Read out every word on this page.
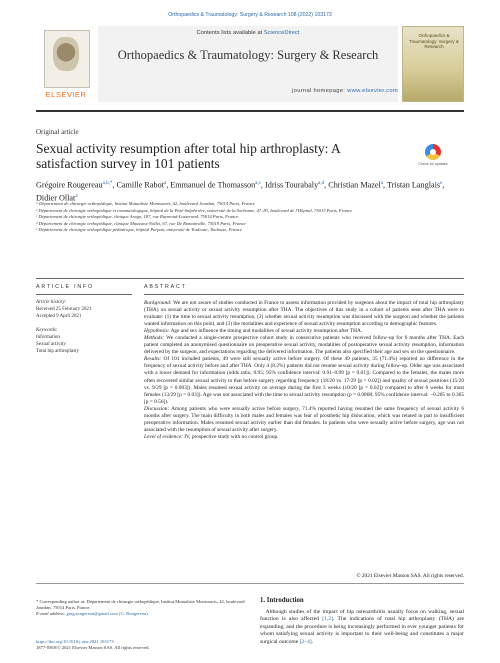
Orthopaedics & Traumatology: Surgery & Research 108 (2022) 103173
ELSEVIER
Contents lists available at ScienceDirect
Orthopaedics & Traumatology: Surgery & Research
journal homepage: www.elsevier.com
Orthopaedics & Traumatology: Surgery & Research
Original article
Sexual activity resumption after total hip arthroplasty: A satisfaction survey in 101 patients	Check for updates
Grégoire Rougereau$^{a,b,*}$, Camille Rabot$^a$, Emmanuel de Thomasson$^{a,c}$, Idriss Tourabaly$^{a,d}$, Christian Mazel$^a$, Tristan Langlais$^e$, Didier Ollat$^a$
ᵃ Département de chirurgie orthopédique, Institut Mutualiste Montsouris, 42, boulevard Jourdan, 75014 Paris, France
ᵇ Département de chirurgie orthopédique et traumatologique, hôpital de la Pitié-Salpêtrière, université de la Sorbonne, 47–83, boulevard de l'Hôpital, 75013 Paris, France
ᶜ Département de chirurgie orthopédique, clinique Arago, 187, rue Raymond-Losserand, 75014 Paris, France
ᵈ Département de chirurgie orthopédique, clinique Maussins-Nollet, 67, rue De Romainville, 75019 Paris, France
ᵉ Département de chirurgie orthopédique pédiatrique, hôpital Purpan, université de Toulouse, Toulouse, France
ARTICLE INFO	ABSTRACT
Article history:
Received 25 February 2021
Accepted 9 April 2021
Keywords:
Information
Sexual activity
Total hip arthroplasty
Background: We are not aware of studies conducted in France to assess information provided by surgeons about the impact of total hip arthroplasty (THA) on sexual activity or sexual activity resumption after THA. The objectives of this study in a cohort of patients seen after THA were to evaluate: (1) the time to sexual activity resumption, (2) whether sexual activity resumption was discussed with the surgeon and whether the patients wanted information on this point, and (3) the modalities and experience of sexual activity resumption according to demographic features.
Hypothesis: Age and sex influence the timing and modalities of sexual activity resumption after THA.
Methods: We conducted a single-centre prospective cohort study in consecutive patients who received follow-up for 6 months after THA. Each patient completed an anonymised questionnaire on preoperative sexual activity, modalities of postoperative sexual activity resumption, information delivered by the surgeon, and expectations regarding the delivered information. The patients also specified their age and sex on the questionnaire.
Results: Of 101 included patients, 49 were still sexually active before surgery. Of these 49 patients, 35 (71.4%) reported no difference in the frequency of sexual activity before and after THA. Only 4 (8.2%) patients did not resume sexual activity during follow-up. Older age was associated with a lower demand for information (odds ratio, 0.95; 95% confidence interval: 0.91–0.99 [p = 0.01]). Compared to the females, the males more often recovered similar sexual activity to that before surgery regarding frequency (18/20 vs. 17/29 [p = 0.02]) and quality of sexual positions (15/20 vs. 9/29 [p = 0.003]). Males resumed sexual activity on average during the first 3 weeks (10/20 [p = 0.02]) compared to after 6 weeks for most females (13/29 [p = 0.03]). Age was not associated with the time to sexual activity resumption (p = 0.0868; 95% confidence interval: −0.205 to 0.365 [p = 0.56]).
Discussion: Among patients who were sexually active before surgery, 71.4% reported having resumed the same frequency of sexual activity 6 months after surgery. The main difficulty in both males and females was fear of prosthetic hip dislocation, which was related in part to insufficient preoperative information. Males resumed sexual activity earlier than did females. In patients who were sexually active before surgery, age was not associated with the resumption of sexual activity after surgery.
Level of evidence: IV, prospective study with no control group.
© 2021 Elsevier Masson SAS. All rights reserved.
1. Introduction
 Although studies of the impact of hip osteoarthritis usually focus on walking, sexual function is also affected [1,2]. The indications of total hip arthroplasty (THA) are expanding, and the procedure is being increasingly performed in ever younger patients for whom satisfying sexual activity is important to their well-being and constitutes a major surgical outcome [2–4].
* Corresponding author at: Département de chirurgie orthopédique, Institut Mutualiste Montsouris, 42, boulevard Jourdan, 75014 Paris, France.
E-mail address: greg.rougereau@gmail.com (G. Rougereau).
https://doi.org/10.1016/j.otsr.2021.103173
1877-0568/© 2021 Elsevier Masson SAS. All rights reserved.
